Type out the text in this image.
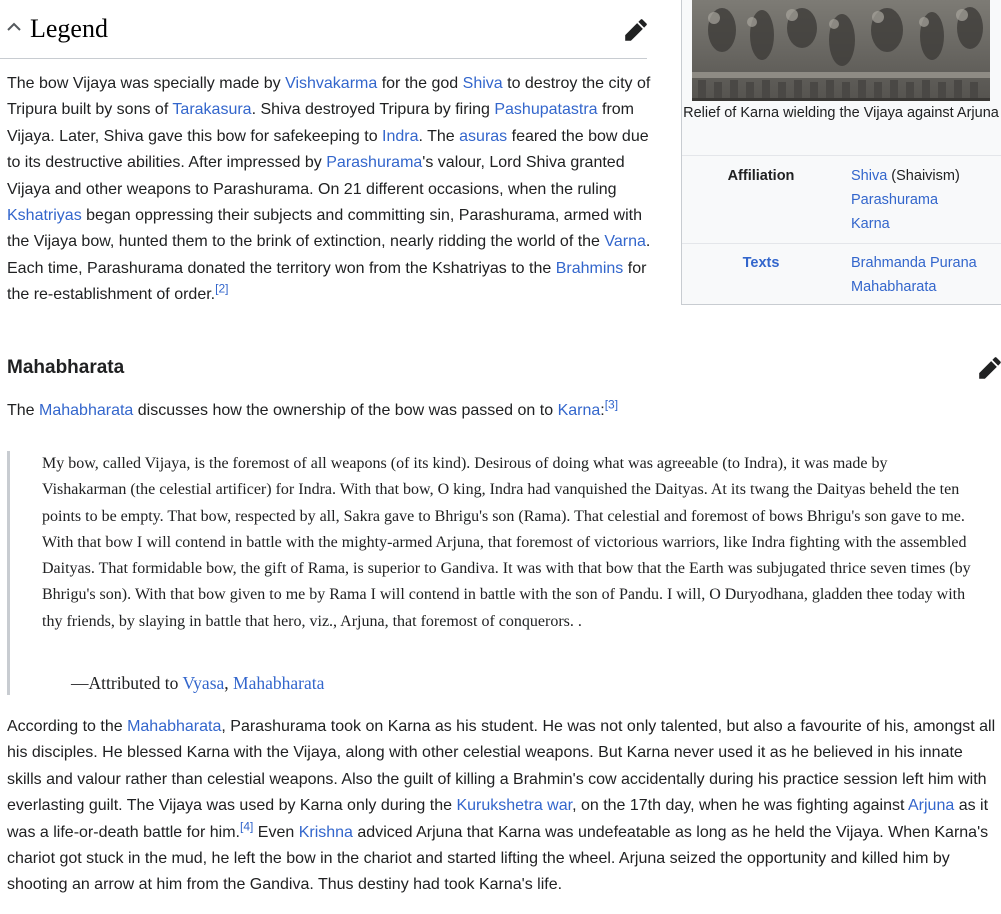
Legend

The bow Vijaya was specially made by Vishvakarma for the god Shiva to destroy the city of Tripura built by sons of Tarakasura. Shiva destroyed Tripura by firing Pashupatastra from Vijaya. Later, Shiva gave this bow for safekeeping to Indra. The asuras feared the bow due to its destructive abilities. After impressed by Parashurama's valour, Lord Shiva granted Vijaya and other weapons to Parashurama. On 21 different occasions, when the ruling Kshatriyas began oppressing their subjects and committing sin, Parashurama, armed with the Vijaya bow, hunted them to the brink of extinction, nearly ridding the world of the Varna. Each time, Parashurama donated the territory won from the Kshatriyas to the Brahmins for the re-establishment of order.[2]

Relief of Karna wielding the Vijaya against Arjuna
Affiliation	Shiva (Shaivism)
Parashurama
Karna
Texts	Brahmanda Purana
Mahabharata
Mahabharata

The Mahabharata discusses how the ownership of the bow was passed on to Karna:[3]

My bow, called Vijaya, is the foremost of all weapons (of its kind). Desirous of doing what was agreeable (to Indra), it was made by Vishakarman (the celestial artificer) for Indra. With that bow, O king, Indra had vanquished the Daityas. At its twang the Daityas beheld the ten points to be empty. That bow, respected by all, Sakra gave to Bhrigu's son (Rama). That celestial and foremost of bows Bhrigu's son gave to me. With that bow I will contend in battle with the mighty-armed Arjuna, that foremost of victorious warriors, like Indra fighting with the assembled Daityas. That formidable bow, the gift of Rama, is superior to Gandiva. It was with that bow that the Earth was subjugated thrice seven times (by Bhrigu's son). With that bow given to me by Rama I will contend in battle with the son of Pandu. I will, O Duryodhana, gladden thee today with thy friends, by slaying in battle that hero, viz., Arjuna, that foremost of conquerors. .
—Attributed to Vyasa, Mahabharata

According to the Mahabharata, Parashurama took on Karna as his student. He was not only talented, but also a favourite of his, amongst all his disciples. He blessed Karna with the Vijaya, along with other celestial weapons. But Karna never used it as he believed in his innate skills and valour rather than celestial weapons. Also the guilt of killing a Brahmin's cow accidentally during his practice session left him with everlasting guilt. The Vijaya was used by Karna only during the Kurukshetra war, on the 17th day, when he was fighting against Arjuna as it was a life-or-death battle for him.[4] Even Krishna adviced Arjuna that Karna was undefeatable as long as he held the Vijaya. When Karna's chariot got stuck in the mud, he left the bow in the chariot and started lifting the wheel. Arjuna seized the opportunity and killed him by shooting an arrow at him from the Gandiva. Thus destiny had took Karna's life.
